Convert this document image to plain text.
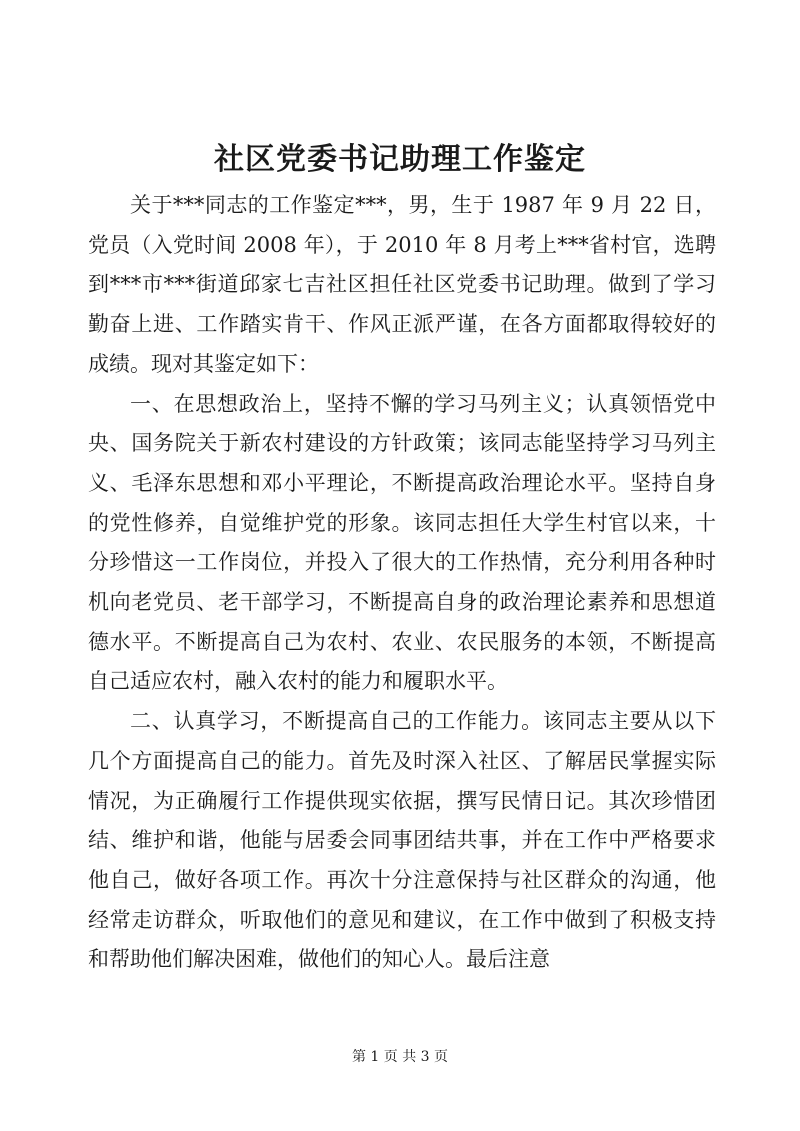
社区党委书记助理工作鉴定

关于***同志的工作鉴定***，男，生于 1987 年 9 月 22 日，党员（入党时间 2008 年），于 2010 年 8 月考上***省村官，选聘到***市***街道邱家七吉社区担任社区党委书记助理。做到了学习勤奋上进、工作踏实肯干、作风正派严谨，在各方面都取得较好的成绩。现对其鉴定如下：

一、在思想政治上，坚持不懈的学习马列主义；认真领悟党中央、国务院关于新农村建设的方针政策；该同志能坚持学习马列主义、毛泽东思想和邓小平理论，不断提高政治理论水平。坚持自身的党性修养，自觉维护党的形象。该同志担任大学生村官以来，十分珍惜这一工作岗位，并投入了很大的工作热情，充分利用各种时机向老党员、老干部学习，不断提高自身的政治理论素养和思想道德水平。不断提高自己为农村、农业、农民服务的本领，不断提高自己适应农村，融入农村的能力和履职水平。

二、认真学习，不断提高自己的工作能力。该同志主要从以下几个方面提高自己的能力。首先及时深入社区、了解居民掌握实际情况，为正确履行工作提供现实依据，撰写民情日记。其次珍惜团结、维护和谐，他能与居委会同事团结共事，并在工作中严格要求他自己，做好各项工作。再次十分注意保持与社区群众的沟通，他经常走访群众，听取他们的意见和建议，在工作中做到了积极支持和帮助他们解决困难，做他们的知心人。最后注意

第 1 页 共 3 页
